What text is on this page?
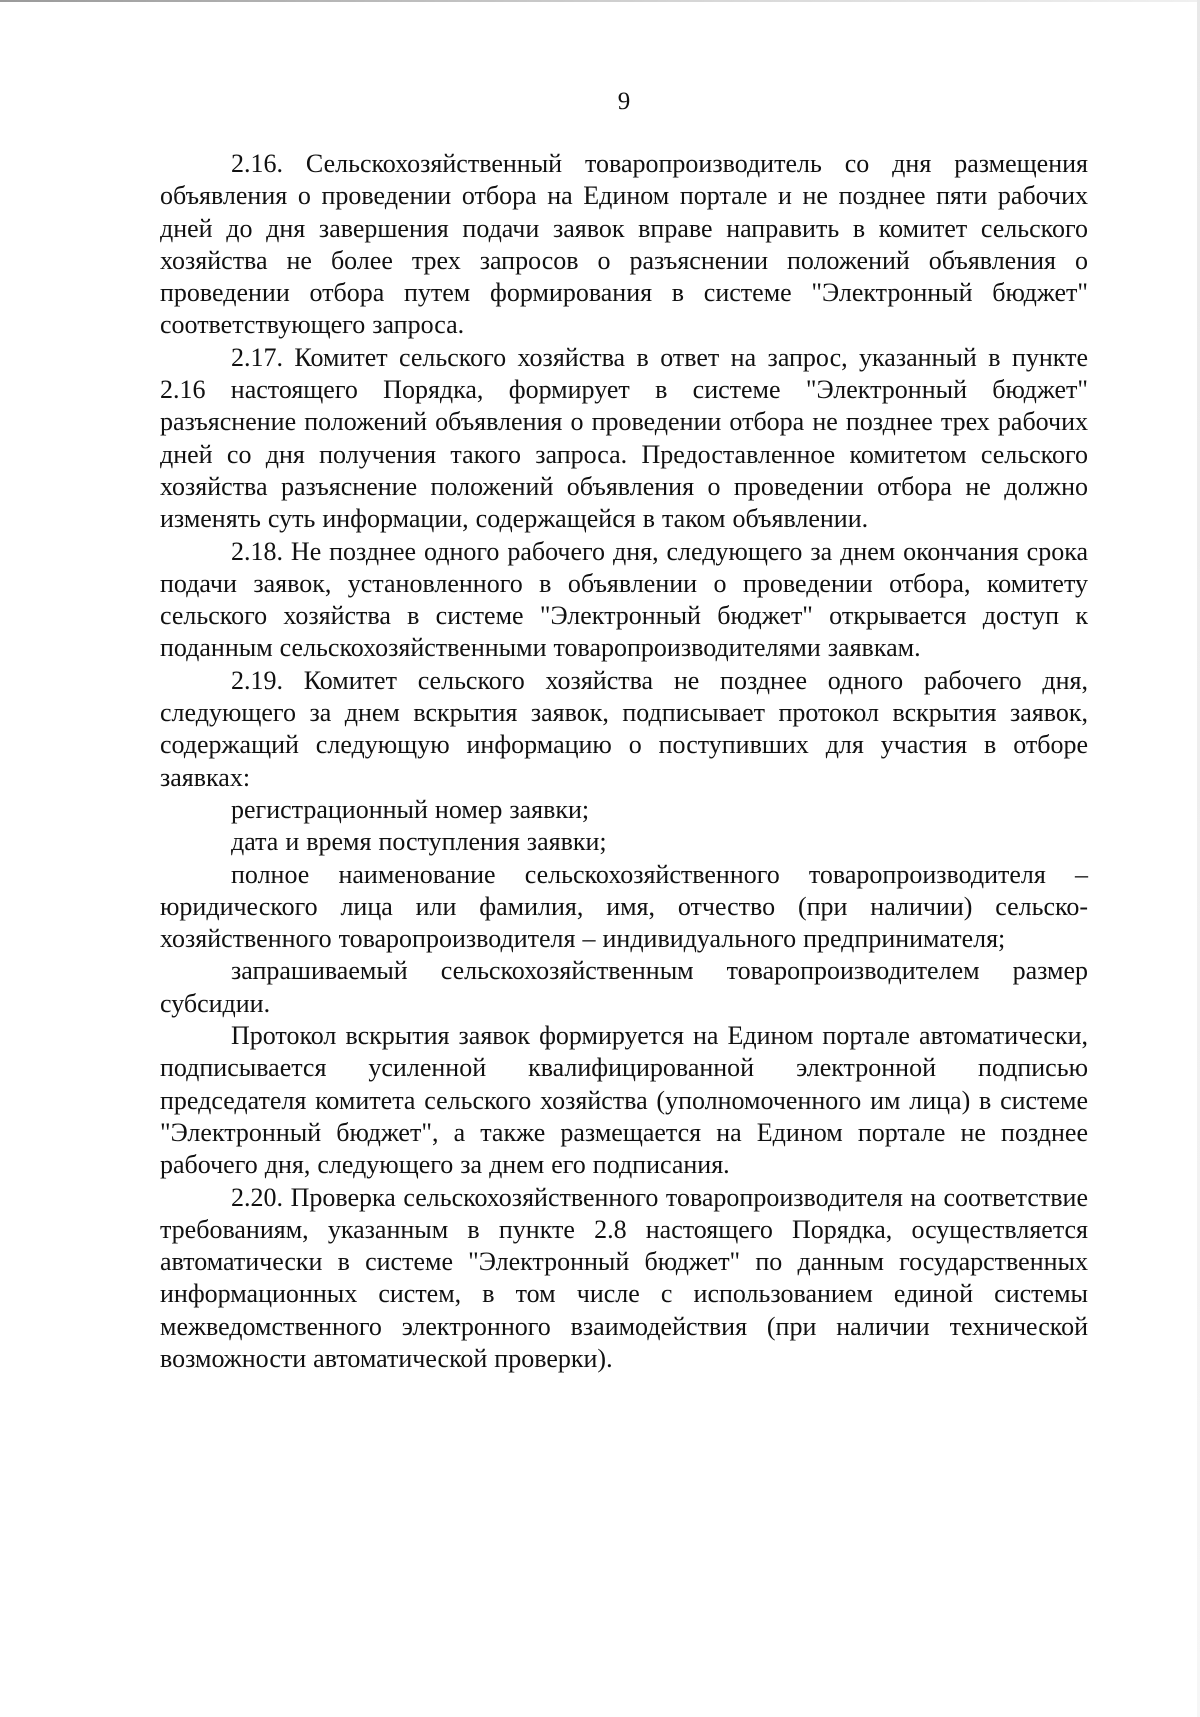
9

2.16. Сельскохозяйственный товаропроизводитель со дня размещения объявления о проведении отбора на Едином портале и не позднее пяти рабочих дней до дня завершения подачи заявок вправе направить в комитет сельского хозяйства не более трех запросов о разъяснении положений объявления о проведении отбора путем формирования в системе "Электронный бюджет" соответствующего запроса.

2.17. Комитет сельского хозяйства в ответ на запрос, указанный в пункте 2.16 настоящего Порядка, формирует в системе "Электронный бюджет" разъяснение положений объявления о проведении отбора не позднее трех рабочих дней со дня получения такого запроса. Предоставленное комитетом сельского хозяйства разъяснение положений объявления о проведении отбора не должно изменять суть информации, содержащейся в таком объявлении.

2.18. Не позднее одного рабочего дня, следующего за днем окончания срока подачи заявок, установленного в объявлении о проведении отбора, комитету сельского хозяйства в системе "Электронный бюджет" открывается доступ к поданным сельскохозяйственными товаропроизводителями заявкам.

2.19. Комитет сельского хозяйства не позднее одного рабочего дня, следующего за днем вскрытия заявок, подписывает протокол вскрытия заявок, содержащий следующую информацию о поступивших для участия в отборе заявках:

регистрационный номер заявки;

дата и время поступления заявки;

полное наименование сельскохозяйственного товаропроизводителя – юридического лица или фамилия, имя, отчество (при наличии) сельско-хозяйственного товаропроизводителя – индивидуального предпринимателя;

запрашиваемый сельскохозяйственным товаропроизводителем размер субсидии.

Протокол вскрытия заявок формируется на Едином портале автоматически, подписывается усиленной квалифицированной электронной подписью председателя комитета сельского хозяйства (уполномоченного им лица) в системе "Электронный бюджет", а также размещается на Едином портале не позднее рабочего дня, следующего за днем его подписания.

2.20. Проверка сельскохозяйственного товаропроизводителя на соответствие требованиям, указанным в пункте 2.8 настоящего Порядка, осуществляется автоматически в системе "Электронный бюджет" по данным государственных информационных систем, в том числе с использованием единой системы межведомственного электронного взаимодействия (при наличии технической возможности автоматической проверки).
